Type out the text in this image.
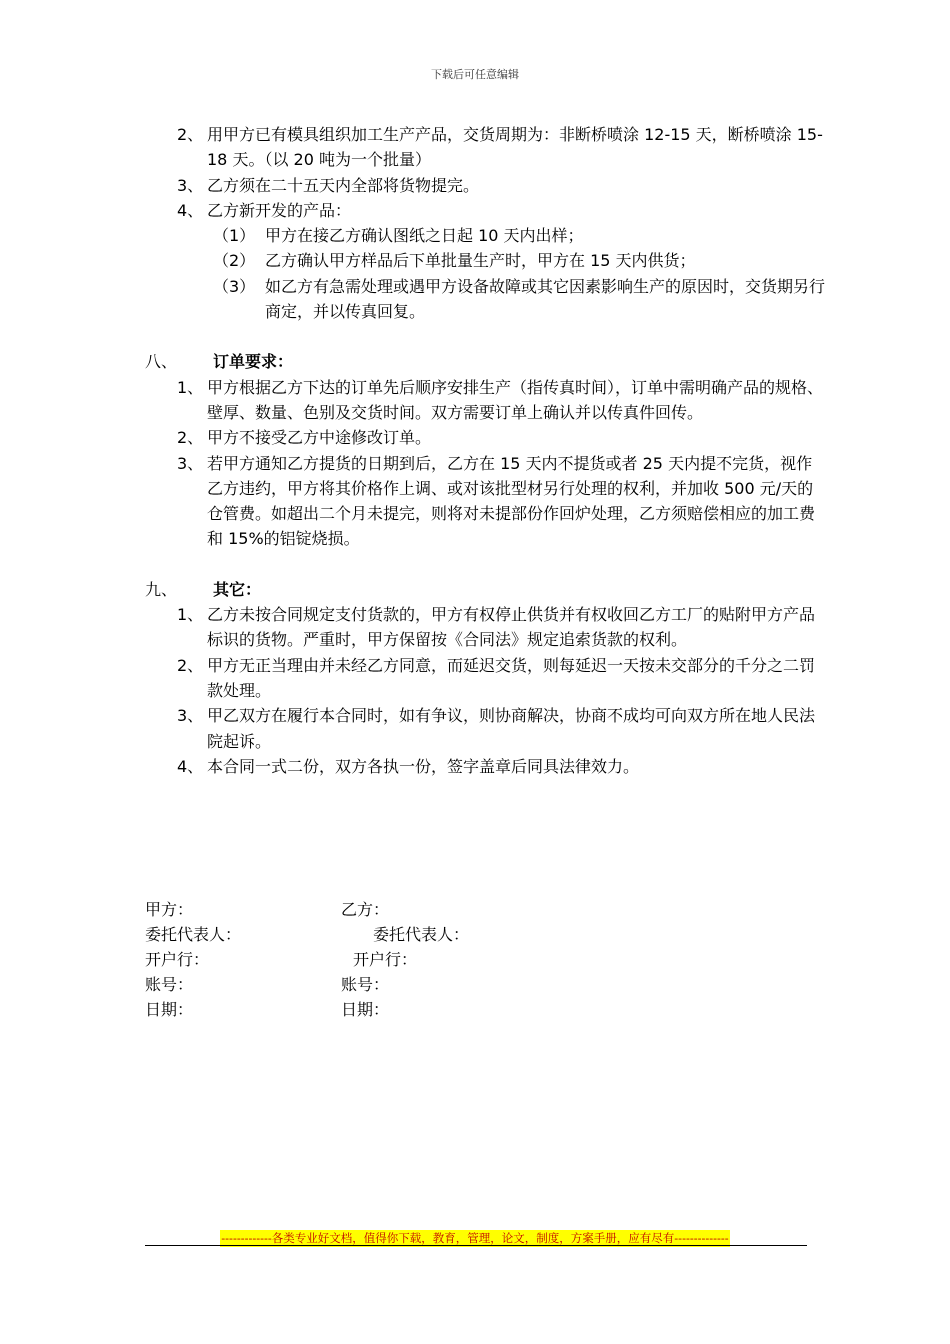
下载后可任意编辑
2、 用甲方已有模具组织加工生产产品，交货周期为：非断桥喷涂 12-15 天，断桥喷涂 15-18 天。（以 20 吨为一个批量）
3、 乙方须在二十五天内全部将货物提完。
4、 乙方新开发的产品：
（1） 甲方在接乙方确认图纸之日起 10 天内出样；
（2） 乙方确认甲方样品后下单批量生产时，甲方在 15 天内供货；
（3） 如乙方有急需处理或遇甲方设备故障或其它因素影响生产的原因时，交货期另行商定，并以传真回复。
八、 订单要求：
1、 甲方根据乙方下达的订单先后顺序安排生产（指传真时间），订单中需明确产品的规格、壁厚、数量、色别及交货时间。双方需要订单上确认并以传真件回传。
2、 甲方不接受乙方中途修改订单。
3、 若甲方通知乙方提货的日期到后，乙方在 15 天内不提货或者 25 天内提不完货，视作乙方违约，甲方将其价格作上调、或对该批型材另行处理的权利，并加收 500 元/天的仓管费。如超出二个月未提完，则将对未提部份作回炉处理，乙方须赔偿相应的加工费和 15%的铝锭烧损。
九、 其它：
1、 乙方未按合同规定支付货款的，甲方有权停止供货并有权收回乙方工厂的贴附甲方产品标识的货物。严重时，甲方保留按《合同法》规定追索货款的权利。
2、 甲方无正当理由并未经乙方同意，而延迟交货，则每延迟一天按未交部分的千分之二罚款处理。
3、 甲乙双方在履行本合同时，如有争议，则协商解决，协商不成均可向双方所在地人民法院起诉。
4、 本合同一式二份，双方各执一份，签字盖章后同具法律效力。
甲方：	乙方：
委托代表人：	委托代表人：
开户行：	开户行：
账号：	账号：
日期：	日期：
-------------各类专业好文档，值得你下载，教育，管理，论文，制度，方案手册，应有尽有--------------
